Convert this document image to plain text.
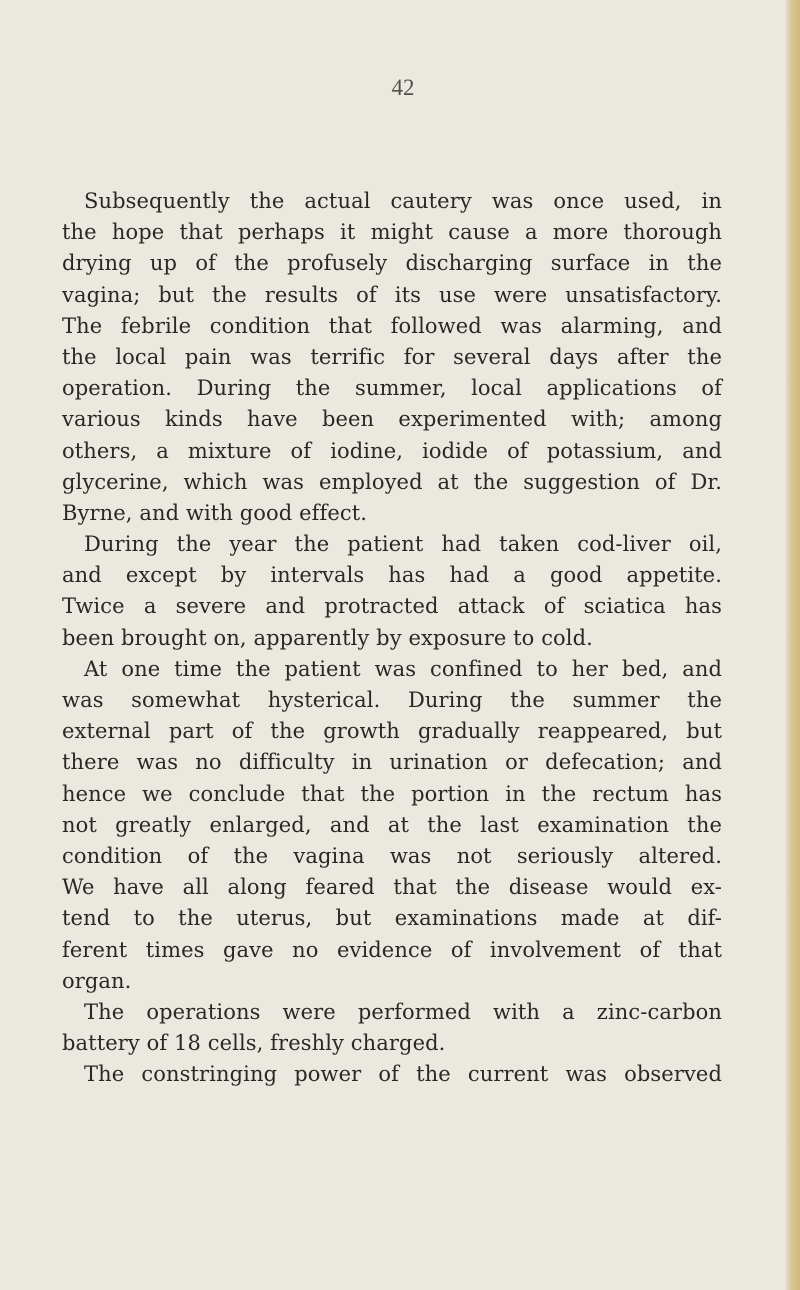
42
Subsequently the actual cautery was once used, in
the hope that perhaps it might cause a more thorough
drying up of the profusely discharging surface in the
vagina; but the results of its use were unsatisfactory.
The febrile condition that followed was alarming, and
the local pain was terrific for several days after the
operation. During the summer, local applications of
various kinds have been experimented with; among
others, a mixture of iodine, iodide of potassium, and
glycerine, which was employed at the suggestion of Dr.
Byrne, and with good effect.
During the year the patient had taken cod-liver oil,
and except by intervals has had a good appetite.
Twice a severe and protracted attack of sciatica has
been brought on, apparently by exposure to cold.
At one time the patient was confined to her bed, and
was somewhat hysterical. During the summer the
external part of the growth gradually reappeared, but
there was no difficulty in urination or defecation; and
hence we conclude that the portion in the rectum has
not greatly enlarged, and at the last examination the
condition of the vagina was not seriously altered.
We have all along feared that the disease would ex-
tend to the uterus, but examinations made at dif-
ferent times gave no evidence of involvement of that
organ.
The operations were performed with a zinc-carbon
battery of 18 cells, freshly charged.
The constringing power of the current was observed
